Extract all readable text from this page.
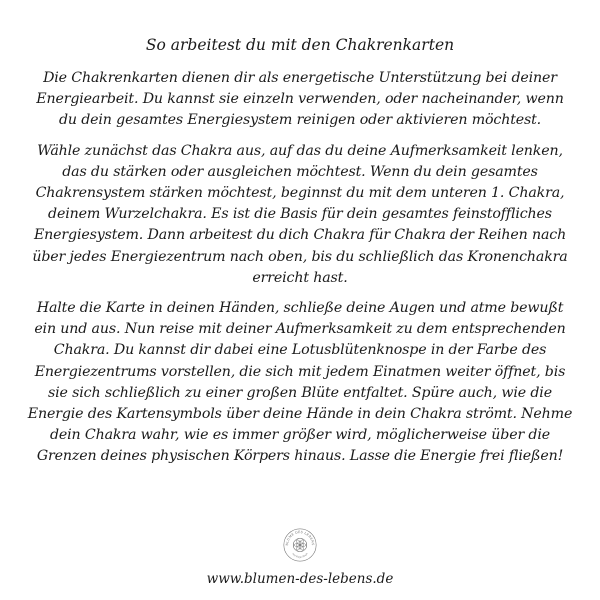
So arbeitest du mit den Chakrenkarten

Die Chakrenkarten dienen dir als energetische Unterstützung bei deiner Energiearbeit. Du kannst sie einzeln verwenden, oder nacheinander, wenn du dein gesamtes Energiesystem reinigen oder aktivieren möchtest.

Wähle zunächst das Chakra aus, auf das du deine Aufmerksamkeit lenken, das du stärken oder ausgleichen möchtest. Wenn du dein gesamtes Chakrensystem stärken möchtest, beginnst du mit dem unteren 1. Chakra, deinem Wurzelchakra. Es ist die Basis für dein gesamtes feinstoffliches Energiesystem. Dann arbeitest du dich Chakra für Chakra der Reihen nach über jedes Energiezentrum nach oben, bis du schließlich das Kronenchakra erreicht hast.

Halte die Karte in deinen Händen, schließe deine Augen und atme bewußt ein und aus. Nun reise mit deiner Aufmerksamkeit zu dem entsprechenden Chakra. Du kannst dir dabei eine Lotusblütenknospe in der Farbe des Energiezentrums vorstellen, die sich mit jedem Einatmen weiter öffnet, bis sie sich schließlich zu einer großen Blüte entfaltet. Spüre auch, wie die Energie des Kartensymbols über deine Hände in dein Chakra strömt. Nehme dein Chakra wahr, wie es immer größer wird, möglicherweise über die Grenzen deines physischen Körpers hinaus. Lasse die Energie frei fließen!

BLUME DES LEBENS
von Sonja Sinah

www.blumen-des-lebens.de
